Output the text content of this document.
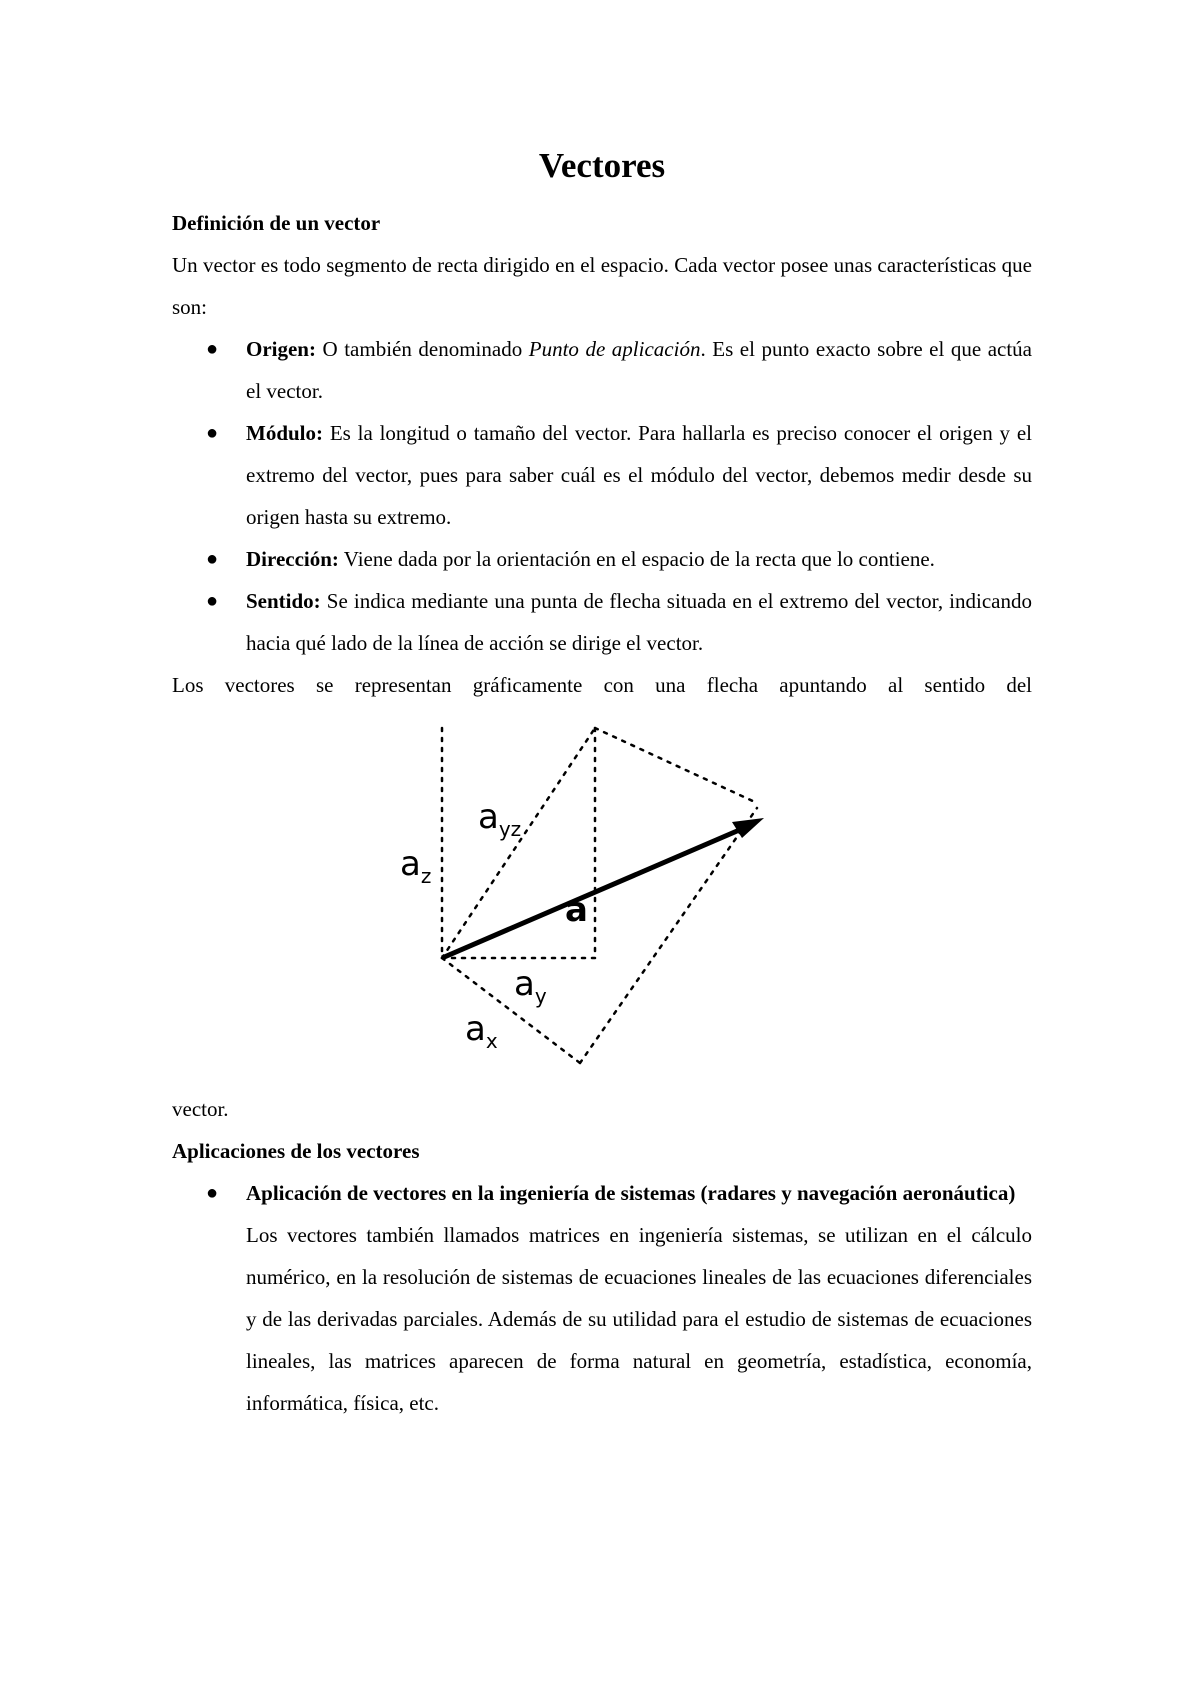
Vectores
Definición de un vector

Un vector es todo segmento de recta dirigido en el espacio. Cada vector posee unas características que son:

● Origen: O también denominado Punto de aplicación. Es el punto exacto sobre el que actúa el vector.
● Módulo: Es la longitud o tamaño del vector. Para hallarla es preciso conocer el origen y el extremo del vector, pues para saber cuál es el módulo del vector, debemos medir desde su origen hasta su extremo.
● Dirección: Viene dada por la orientación en el espacio de la recta que lo contiene.
● Sentido: Se indica mediante una punta de flecha situada en el extremo del vector, indicando hacia qué lado de la línea de acción se dirige el vector.

Los vectores se representan gráficamente con una flecha apuntando al sentido del

$a_z$
$a_{yz}$
a
$a_y$
$a_x$

vector.

Aplicaciones de los vectores
● Aplicación de vectores en la ingeniería de sistemas (radares y navegación aeronáutica)
Los vectores también llamados matrices en ingeniería sistemas, se utilizan en el cálculo numérico, en la resolución de sistemas de ecuaciones lineales de las ecuaciones diferenciales y de las derivadas parciales. Además de su utilidad para el estudio de sistemas de ecuaciones lineales, las matrices aparecen de forma natural en geometría, estadística, economía, informática, física, etc.
